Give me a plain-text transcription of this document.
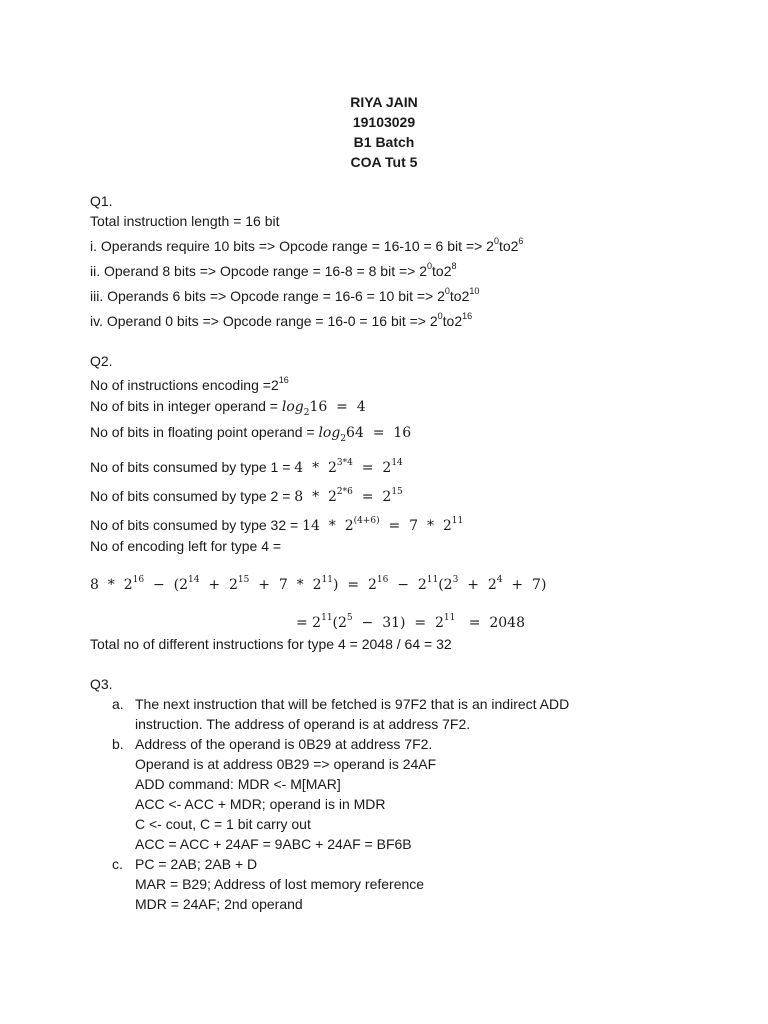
RIYA JAIN
19103029
B1 Batch
COA Tut 5
Q1.
Total instruction length = 16 bit
i. Operands require 10 bits => Opcode range = 16-10 = 6 bit => $2^0to2^6$
ii. Operand 8 bits => Opcode range = 16-8 = 8 bit => $2^0to2^8$
iii. Operands 6 bits => Opcode range = 16-6 = 10 bit => $2^0to2^{10}$
iv. Operand 0 bits => Opcode range = 16-0 = 16 bit => $2^0to2^{16}$
Q2.
No of instructions encoding $=2^{16}$
No of bits in integer operand = $\log_216 = 4$
No of bits in floating point operand = $\log_264 = 16$
No of bits consumed by type $1 = 4 * 2^{3*4} = 2^{14}$
No of bits consumed by type $2 = 8 * 2^{2*6} = 2^{15}$
No of bits consumed by type $32 = 14 * 2^{(4+6)} = 7 * 2^{11}$
No of encoding left for type 4 =
$8 * 2^{16} - (2^{14} + 2^{15} + 7 * 2^{11}) = 2^{16} - 2^{11}(2^3 + 2^4 + 7)$
= $2^{11}(2^5 - 31) = 2^{11} = 2048$
Total no of different instructions for type 4 = 2048 / 64 = 32
Q3.
a. The next instruction that will be fetched is 97F2 that is an indirect ADD
instruction. The address of operand is at address 7F2.
b. Address of the operand is 0B29 at address 7F2.
Operand is at address 0B29 => operand is 24AF
ADD command: MDR <- M[MAR]
ACC <- ACC + MDR; operand is in MDR
C <- cout, C = 1 bit carry out
ACC = ACC + 24AF = 9ABC + 24AF = BF6B
c. PC = 2AB; 2AB + D
MAR = B29; Address of lost memory reference
MDR = 24AF; 2nd operand
